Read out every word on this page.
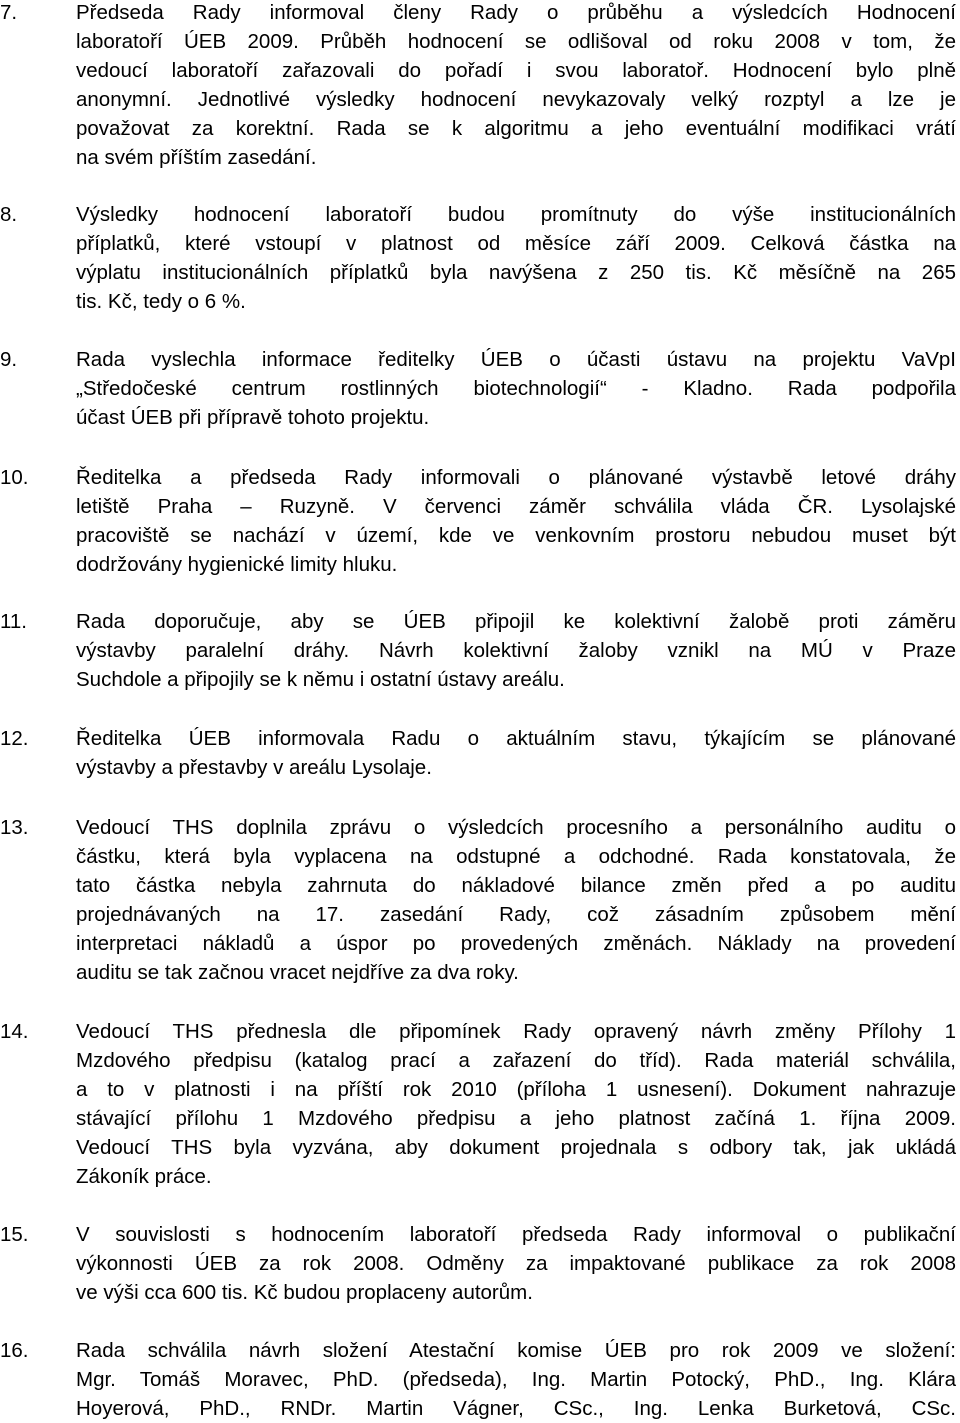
7.	Předseda Rady informoval členy Rady o průběhu a výsledcích Hodnocení
laboratoří ÚEB 2009. Průběh hodnocení se odlišoval od roku 2008 v tom, že
vedoucí laboratoří zařazovali do pořadí i svou laboratoř. Hodnocení bylo plně
anonymní. Jednotlivé výsledky hodnocení nevykazovaly velký rozptyl a lze je
považovat za korektní. Rada se k algoritmu a jeho eventuální modifikaci vrátí
na svém příštím zasedání.
8.	Výsledky hodnocení laboratoří budou promítnuty do výše institucionálních
příplatků, které vstoupí v platnost od měsíce září 2009. Celková částka na
výplatu institucionálních příplatků byla navýšena z 250 tis. Kč měsíčně na 265
tis. Kč, tedy o 6 %.
9.	Rada vyslechla informace ředitelky ÚEB o účasti ústavu na projektu VaVpI
„Středočeské centrum rostlinných biotechnologií“ - Kladno. Rada podpořila
účast ÚEB při přípravě tohoto projektu.
10.	Ředitelka a předseda Rady informovali o plánované výstavbě letové dráhy
letiště Praha – Ruzyně. V červenci záměr schválila vláda ČR. Lysolajské
pracoviště se nachází v území, kde ve venkovním prostoru nebudou muset být
dodržovány hygienické limity hluku.
11.	Rada doporučuje, aby se ÚEB připojil ke kolektivní žalobě proti záměru
výstavby paralelní dráhy. Návrh kolektivní žaloby vznikl na MÚ v Praze
Suchdole a připojily se k němu i ostatní ústavy areálu.
12.	Ředitelka ÚEB informovala Radu o aktuálním stavu, týkajícím se plánované
výstavby a přestavby v areálu Lysolaje.
13.	Vedoucí THS doplnila zprávu o výsledcích procesního a personálního auditu o
částku, která byla vyplacena na odstupné a odchodné. Rada konstatovala, že
tato částka nebyla zahrnuta do nákladové bilance změn před a po auditu
projednávaných na 17. zasedání Rady, což zásadním způsobem mění
interpretaci nákladů a úspor po provedených změnách. Náklady na provedení
auditu se tak začnou vracet nejdříve za dva roky.
14.	Vedoucí THS přednesla dle připomínek Rady opravený návrh změny Přílohy 1
Mzdového předpisu (katalog prací a zařazení do tříd). Rada materiál schválila,
a to v platnosti i na příští rok 2010 (příloha 1 usnesení). Dokument nahrazuje
stávající přílohu 1 Mzdového předpisu a jeho platnost začíná 1. října 2009.
Vedoucí THS byla vyzvána, aby dokument projednala s odbory tak, jak ukládá
Zákoník práce.
15.	V souvislosti s hodnocením laboratoří předseda Rady informoval o publikační
výkonnosti ÚEB za rok 2008. Odměny za impaktované publikace za rok 2008
ve výši cca 600 tis. Kč budou proplaceny autorům.
16.	Rada schválila návrh složení Atestační komise ÚEB pro rok 2009 ve složení:
Mgr. Tomáš Moravec, PhD. (předseda), Ing. Martin Potocký, PhD., Ing. Klára
Hoyerová, PhD., RNDr. Martin Vágner, CSc., Ing. Lenka Burketová, CSc.
